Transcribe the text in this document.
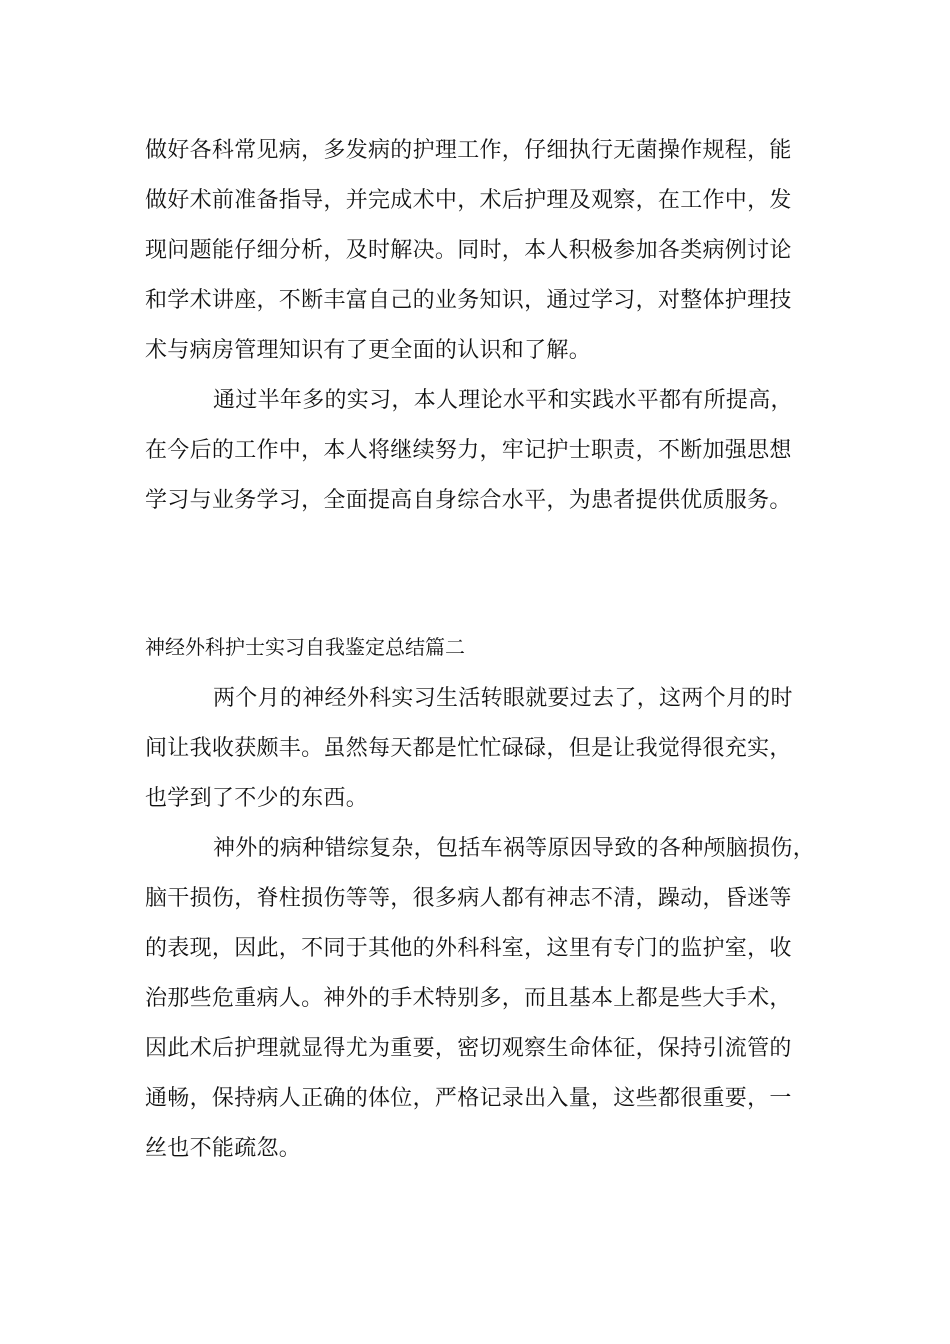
做好各科常见病，多发病的护理工作，仔细执行无菌操作规程，能
做好术前准备指导，并完成术中，术后护理及观察，在工作中，发
现问题能仔细分析，及时解决。同时，本人积极参加各类病例讨论
和学术讲座，不断丰富自己的业务知识，通过学习，对整体护理技
术与病房管理知识有了更全面的认识和了解。
通过半年多的实习，本人理论水平和实践水平都有所提高，
在今后的工作中，本人将继续努力，牢记护士职责，不断加强思想
学习与业务学习，全面提高自身综合水平，为患者提供优质服务。
神经外科护士实习自我鉴定总结篇二
两个月的神经外科实习生活转眼就要过去了，这两个月的时
间让我收获颇丰。虽然每天都是忙忙碌碌，但是让我觉得很充实，
也学到了不少的东西。
神外的病种错综复杂，包括车祸等原因导致的各种颅脑损伤，
脑干损伤，脊柱损伤等等，很多病人都有神志不清，躁动，昏迷等
的表现，因此，不同于其他的外科科室，这里有专门的监护室，收
治那些危重病人。神外的手术特别多，而且基本上都是些大手术，
因此术后护理就显得尤为重要，密切观察生命体征，保持引流管的
通畅，保持病人正确的体位，严格记录出入量，这些都很重要，一
丝也不能疏忽。
